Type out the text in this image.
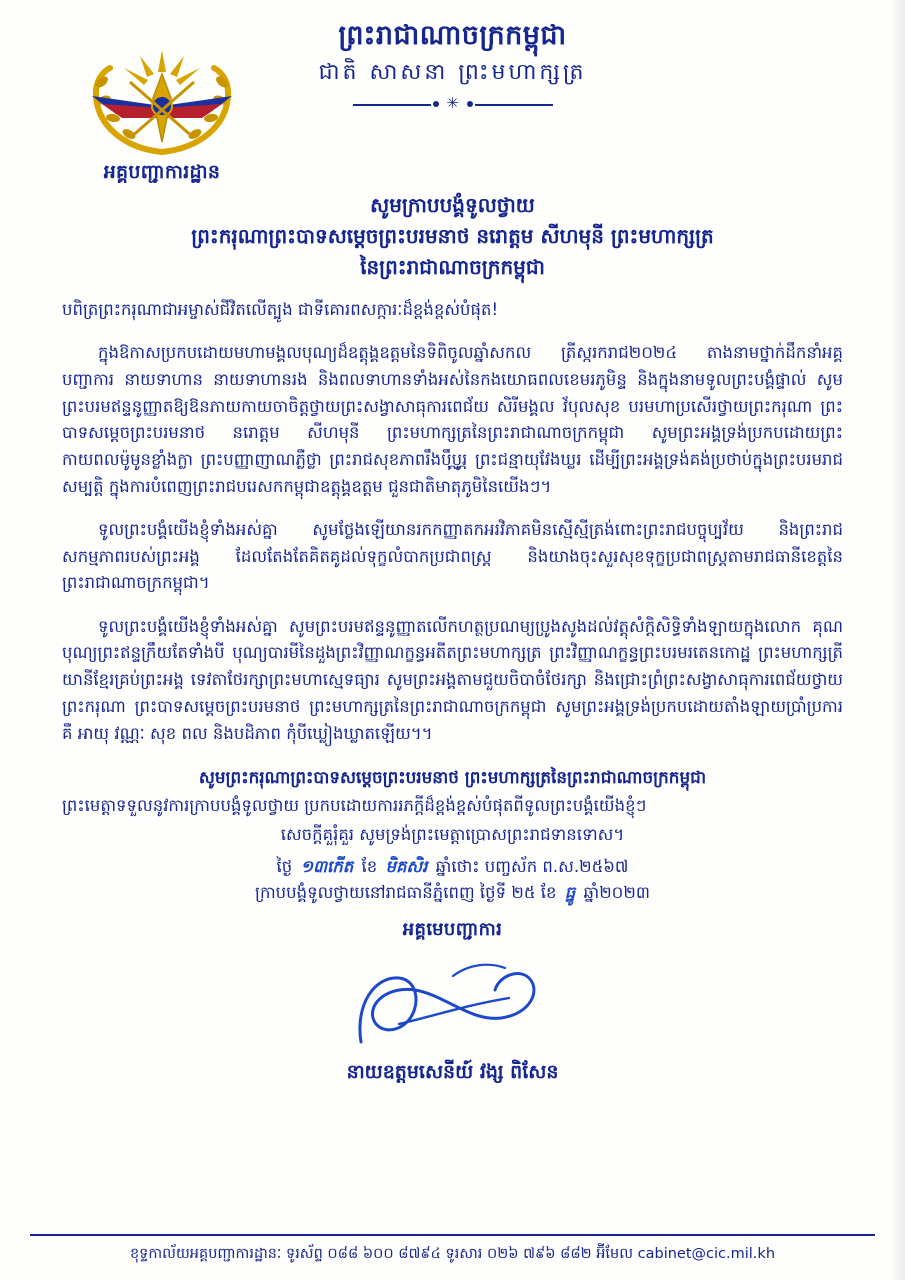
ព្រះរាជាណាចក្រកម្ពុជា
ជាតិ សាសនា ព្រះមហាក្សត្រ
✳
អគ្គបញ្ជាការដ្ឋាន
សូមក្រាបបង្គំទូលថ្វាយ
ព្រះករុណាព្រះបាទសម្តេចព្រះបរមនាថ នរោត្តម សីហមុនី ព្រះមហាក្សត្រ
នៃព្រះរាជាណាចក្រកម្ពុជា

បពិត្រព្រះករុណាជាអម្ចាស់ជីវិតលើត្បូង ជាទីគោរពសក្ការៈដ៏ខ្ពង់ខ្ពស់បំផុត!

ក្នុងឱកាសប្រកបដោយមហាមង្គលបុណ្យដ៏ឧត្តុង្គឧត្តមនៃទិពិចូលឆ្នាំសកល ត្រីស្ករករាជ២០២៤ តាងនាមថ្នាក់ដឹកនាំអគ្គបញ្ជាការ នាយទាហាន នាយទាហានរង និងពលទាហានទាំងអស់នៃកងយោធពលខេមរភូមិន្ទ និងក្នុងនាមទូលព្រះបង្គំផ្ទាល់ សូមព្រះបរមឥន្ទនូញ្ញាតឱ្យឱនភាយកាយចាចិត្តថ្វាយព្រះសង្វាសាធុការពេជ័យ សិរីមង្គល វ័បុលសុខ បរមហាប្រសើរថ្វាយព្រះករុណា ព្រះបាទសម្តេចព្រះបរមនាថ នរោត្តម សីហមុនី ព្រះមហាក្សត្រនៃព្រះរាជាណាចក្រកម្ពុជា សូមព្រះអង្គទ្រង់ប្រកបដោយព្រះកាយពលម៉ូមូនខ្លាំងក្លា ព្រះបញ្ញាញាណភ្លឺថ្លា ព្រះរាជសុខភាពរឹងប៉ឹបូរ្ណ ព្រះជន្មាយុវែងឃ្លរ ដើម្បីព្រះអង្គទ្រង់គង់ប្រថាប់ក្នុងព្រះបរមរាជសម្បត្តិ ក្នុងការបំពេញព្រះរាជបរេសកកម្ពុជាឧត្តុង្គឧត្តម ជួនជាតិមាតុភូមិនៃយើងៗ។

ទូលព្រះបង្គំយើងខ្ញុំទាំងអស់គ្នា សូមថ្លែងឡើយានរកកញ្ញាតកអរវិភាគមិនស្មើស្មីត្រង់ពោះព្រះរាជបច្ចុប្បវ័យ និងព្រះរាជសកម្មភាពរបស់ព្រះអង្គ ដែលតែងតែគិតគូដល់ទុក្ខលំបាកប្រជាពស្ត្រ និងយាងចុះសួរសុខទុក្ខប្រជាពស្ត្រតាមរាជធានីខេត្តនៃព្រះរាជាណាចក្រកម្ពុជា។

ទូលព្រះបង្គំយើងខ្ញុំទាំងអស់គ្នា សូមព្រះបរមឥន្ទនូញ្ញាតលើកហត្ថប្រណម្យប្រូងសូងដល់វត្តុសំក្តិសិទ្ធិទាំងឡាយក្នុងលោក គុណបុណ្យព្រះឥន្ទក្រឹយតែទាំងបី បុណ្យបារមីនៃដួងព្រះវិញ្ញាណក្ខន្ធអតីតព្រះមហាក្សត្រ ព្រះវិញ្ញាណក្ខន្ធព្រះបរមរតេនកោដ្ឋ ព្រះមហាក្សត្រីយានីខ្មែរគ្រប់ព្រះអង្គ ទេវតាថែរក្សាព្រះមហាស្មេទធ្យារ សូមព្រះអង្គតាមជួយចិបាចំថែរក្សា និងជ្រោះព្រំព្រះសង្វាសាធុការពេជ័យថ្វាយព្រះករុណា ព្រះបាទសម្តេចព្រះបរមនាថ ព្រះមហាក្សត្រនៃព្រះរាជាណាចក្រកម្ពុជា សូមព្រះអង្គទ្រង់ប្រកបដោយតាំងឡាយប្រាំប្រការ គឺ អាយុ វណ្ណៈ សុខ ពល និងបដិភាព កុំបីឃ្លៀងឃ្លាតឡើយ។។

សូមព្រះករុណាព្រះបាទសម្តេចព្រះបរមនាថ ព្រះមហាក្សត្រនៃព្រះរាជាណាចក្រកម្ពុជា
ព្រះមេត្តាទទួលនូវការក្រាបបង្គំទូលថ្វាយ ប្រកបដោយការរភក្តីដ៏ខ្ពង់ខ្ពស់បំផុតពីទូលព្រះបង្គំយើងខ្ញុំៗ
សេចក្តីគួរុំគួរ សូមទ្រង់ព្រះមេត្តាប្រោសព្រះរាជទានទោស។
ថ្ងៃ ១៣កើត ខែ មិគសិរ ឆ្នាំថោះ បញ្ចស័ក ព.ស.២៥៦៧
ក្រាបបង្គំទូលថ្វាយនៅរាជធានីភ្នំពេញ ថ្ងៃទី ២៥ ខែ ធ្នូ ឆ្នាំ២០២៣
អគ្គមេបញ្ជាការ
នាយឧត្តមសេនីយ៍ វង្ស ពិសែន
ខុទ្ទកាល័យអគ្គបញ្ជាការដ្ឋានៈ ទូរស័ព្ទ ០៨៨ ៦០០ ៨៧៩៤ ទូរសារ ០២៦ ៧៩៦ ៨៨២ អ៊ីមែល cabinet@cic.mil.kh
